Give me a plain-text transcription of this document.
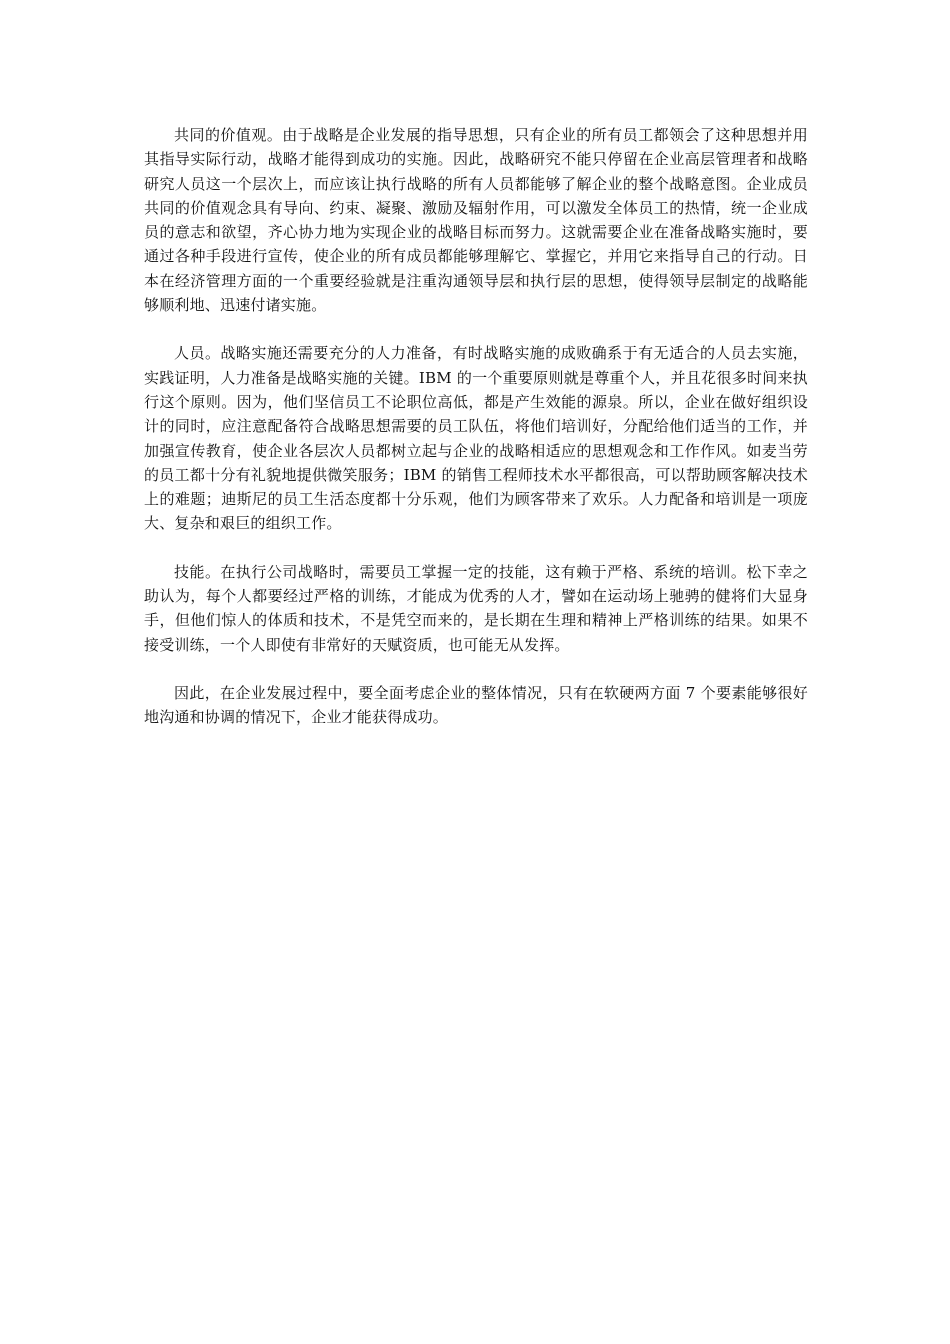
共同的价值观。由于战略是企业发展的指导思想，只有企业的所有员工都领会了这种思想并用其指导实际行动，战略才能得到成功的实施。因此，战略研究不能只停留在企业高层管理者和战略研究人员这一个层次上，而应该让执行战略的所有人员都能够了解企业的整个战略意图。企业成员共同的价值观念具有导向、约束、凝聚、激励及辐射作用，可以激发全体员工的热情，统一企业成员的意志和欲望，齐心协力地为实现企业的战略目标而努力。这就需要企业在准备战略实施时，要通过各种手段进行宣传，使企业的所有成员都能够理解它、掌握它，并用它来指导自己的行动。日本在经济管理方面的一个重要经验就是注重沟通领导层和执行层的思想，使得领导层制定的战略能够顺利地、迅速付诸实施。

人员。战略实施还需要充分的人力准备，有时战略实施的成败确系于有无适合的人员去实施，实践证明，人力准备是战略实施的关键。IBM 的一个重要原则就是尊重个人，并且花很多时间来执行这个原则。因为，他们坚信员工不论职位高低，都是产生效能的源泉。所以，企业在做好组织设计的同时，应注意配备符合战略思想需要的员工队伍，将他们培训好，分配给他们适当的工作，并加强宣传教育，使企业各层次人员都树立起与企业的战略相适应的思想观念和工作作风。如麦当劳的员工都十分有礼貌地提供微笑服务；IBM 的销售工程师技术水平都很高，可以帮助顾客解决技术上的难题；迪斯尼的员工生活态度都十分乐观，他们为顾客带来了欢乐。人力配备和培训是一项庞大、复杂和艰巨的组织工作。

技能。在执行公司战略时，需要员工掌握一定的技能，这有赖于严格、系统的培训。松下幸之助认为，每个人都要经过严格的训练，才能成为优秀的人才，譬如在运动场上驰骋的健将们大显身手，但他们惊人的体质和技术，不是凭空而来的，是长期在生理和精神上严格训练的结果。如果不接受训练，一个人即使有非常好的天赋资质，也可能无从发挥。

因此，在企业发展过程中，要全面考虑企业的整体情况，只有在软硬两方面 7 个要素能够很好地沟通和协调的情况下，企业才能获得成功。
